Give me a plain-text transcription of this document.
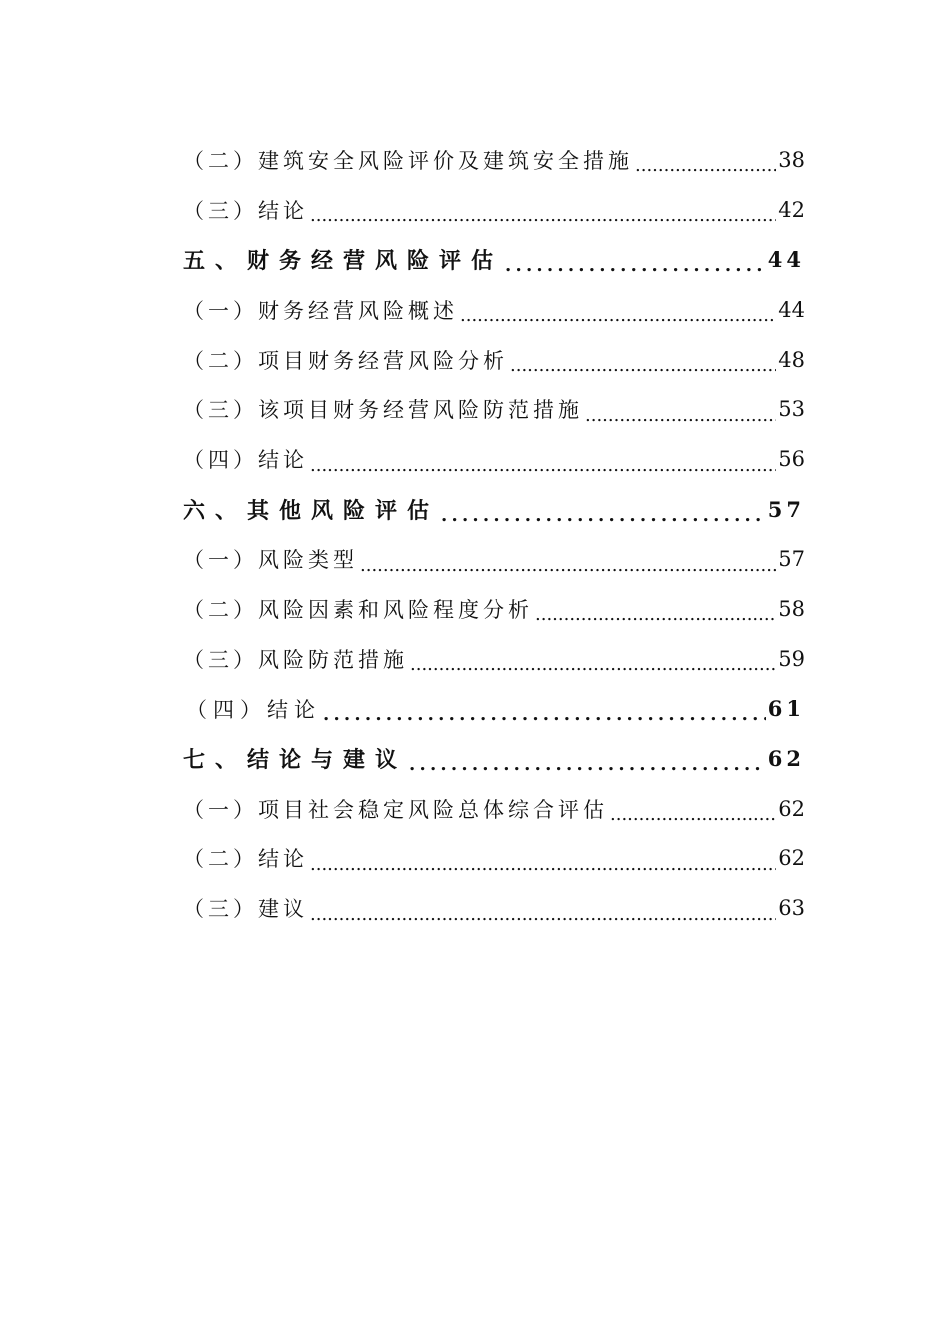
（二）建筑安全风险评价及建筑安全措施 .....	38
（三）结论 .....	42
五、财务经营风险评估 .....	44
（一）财务经营风险概述 .....	44
（二）项目财务经营风险分析 .....	48
（三）该项目财务经营风险防范措施 .....	53
（四）结论 .....	56
六、其他风险评估 .....	57
（一）风险类型 .....	57
（二）风险因素和风险程度分析 .....	58
（三）风险防范措施 .....	59
（四）结论 .....	61
七、结论与建议 .....	62
（一）项目社会稳定风险总体综合评估 .....	62
（二）结论 .....	62
（三）建议 .....	63
